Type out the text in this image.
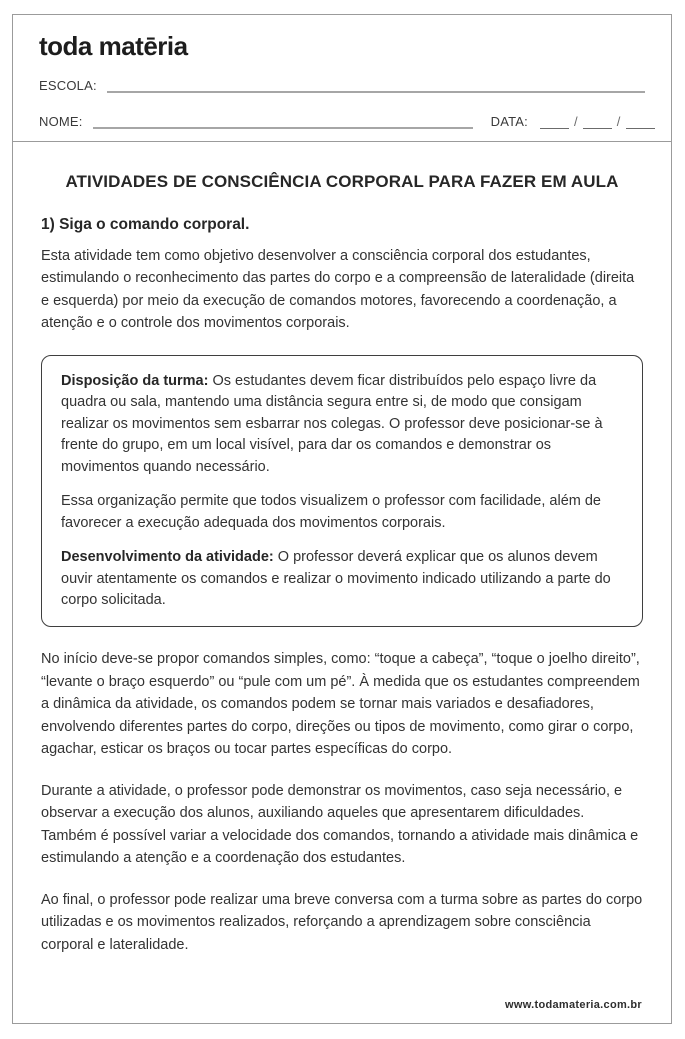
toda matēria
ESCOLA:
NOME:	DATA:	/	/
ATIVIDADES DE CONSCIÊNCIA CORPORAL PARA FAZER EM AULA
1) Siga o comando corporal.

Esta atividade tem como objetivo desenvolver a consciência corporal dos estudantes, estimulando o reconhecimento das partes do corpo e a compreensão de lateralidade (direita e esquerda) por meio da execução de comandos motores, favorecendo a coordenação, a atenção e o controle dos movimentos corporais.

Disposição da turma: Os estudantes devem ficar distribuídos pelo espaço livre da quadra ou sala, mantendo uma distância segura entre si, de modo que consigam realizar os movimentos sem esbarrar nos colegas. O professor deve posicionar-se à frente do grupo, em um local visível, para dar os comandos e demonstrar os movimentos quando necessário.

Essa organização permite que todos visualizem o professor com facilidade, além de favorecer a execução adequada dos movimentos corporais.

Desenvolvimento da atividade: O professor deverá explicar que os alunos devem ouvir atentamente os comandos e realizar o movimento indicado utilizando a parte do corpo solicitada.

No início deve-se propor comandos simples, como: “toque a cabeça”, “toque o joelho direito”, “levante o braço esquerdo” ou “pule com um pé”. À medida que os estudantes compreendem a dinâmica da atividade, os comandos podem se tornar mais variados e desafiadores, envolvendo diferentes partes do corpo, direções ou tipos de movimento, como girar o corpo, agachar, esticar os braços ou tocar partes específicas do corpo.

Durante a atividade, o professor pode demonstrar os movimentos, caso seja necessário, e observar a execução dos alunos, auxiliando aqueles que apresentarem dificuldades. Também é possível variar a velocidade dos comandos, tornando a atividade mais dinâmica e estimulando a atenção e a coordenação dos estudantes.

Ao final, o professor pode realizar uma breve conversa com a turma sobre as partes do corpo utilizadas e os movimentos realizados, reforçando a aprendizagem sobre consciência corporal e lateralidade.

www.todamateria.com.br
